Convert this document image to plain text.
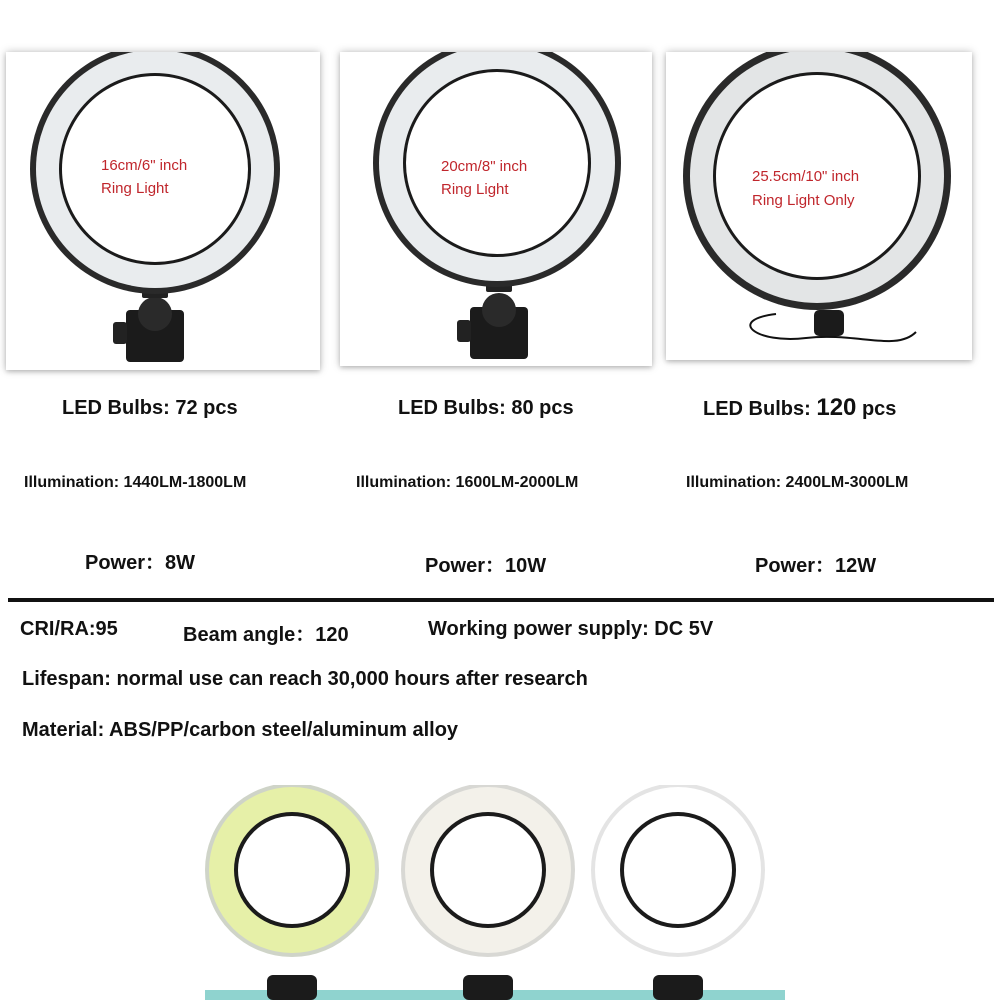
16cm/6" inch
Ring Light
20cm/8" inch
Ring Light
25.5cm/10" inch
Ring Light Only
LED Bulbs: 72 pcs	LED Bulbs: 80 pcs	LED Bulbs: 120 pcs
Illumination: 1440LM-1800LM	Illumination: 1600LM-2000LM	Illumination: 2400LM-3000LM
Power：8W	Power：10W	Power：12W
CRI/RA:95	Beam angle：120	Working power supply: DC 5V
Lifespan: normal use can reach 30,000 hours after research
Material: ABS/PP/carbon steel/aluminum alloy
